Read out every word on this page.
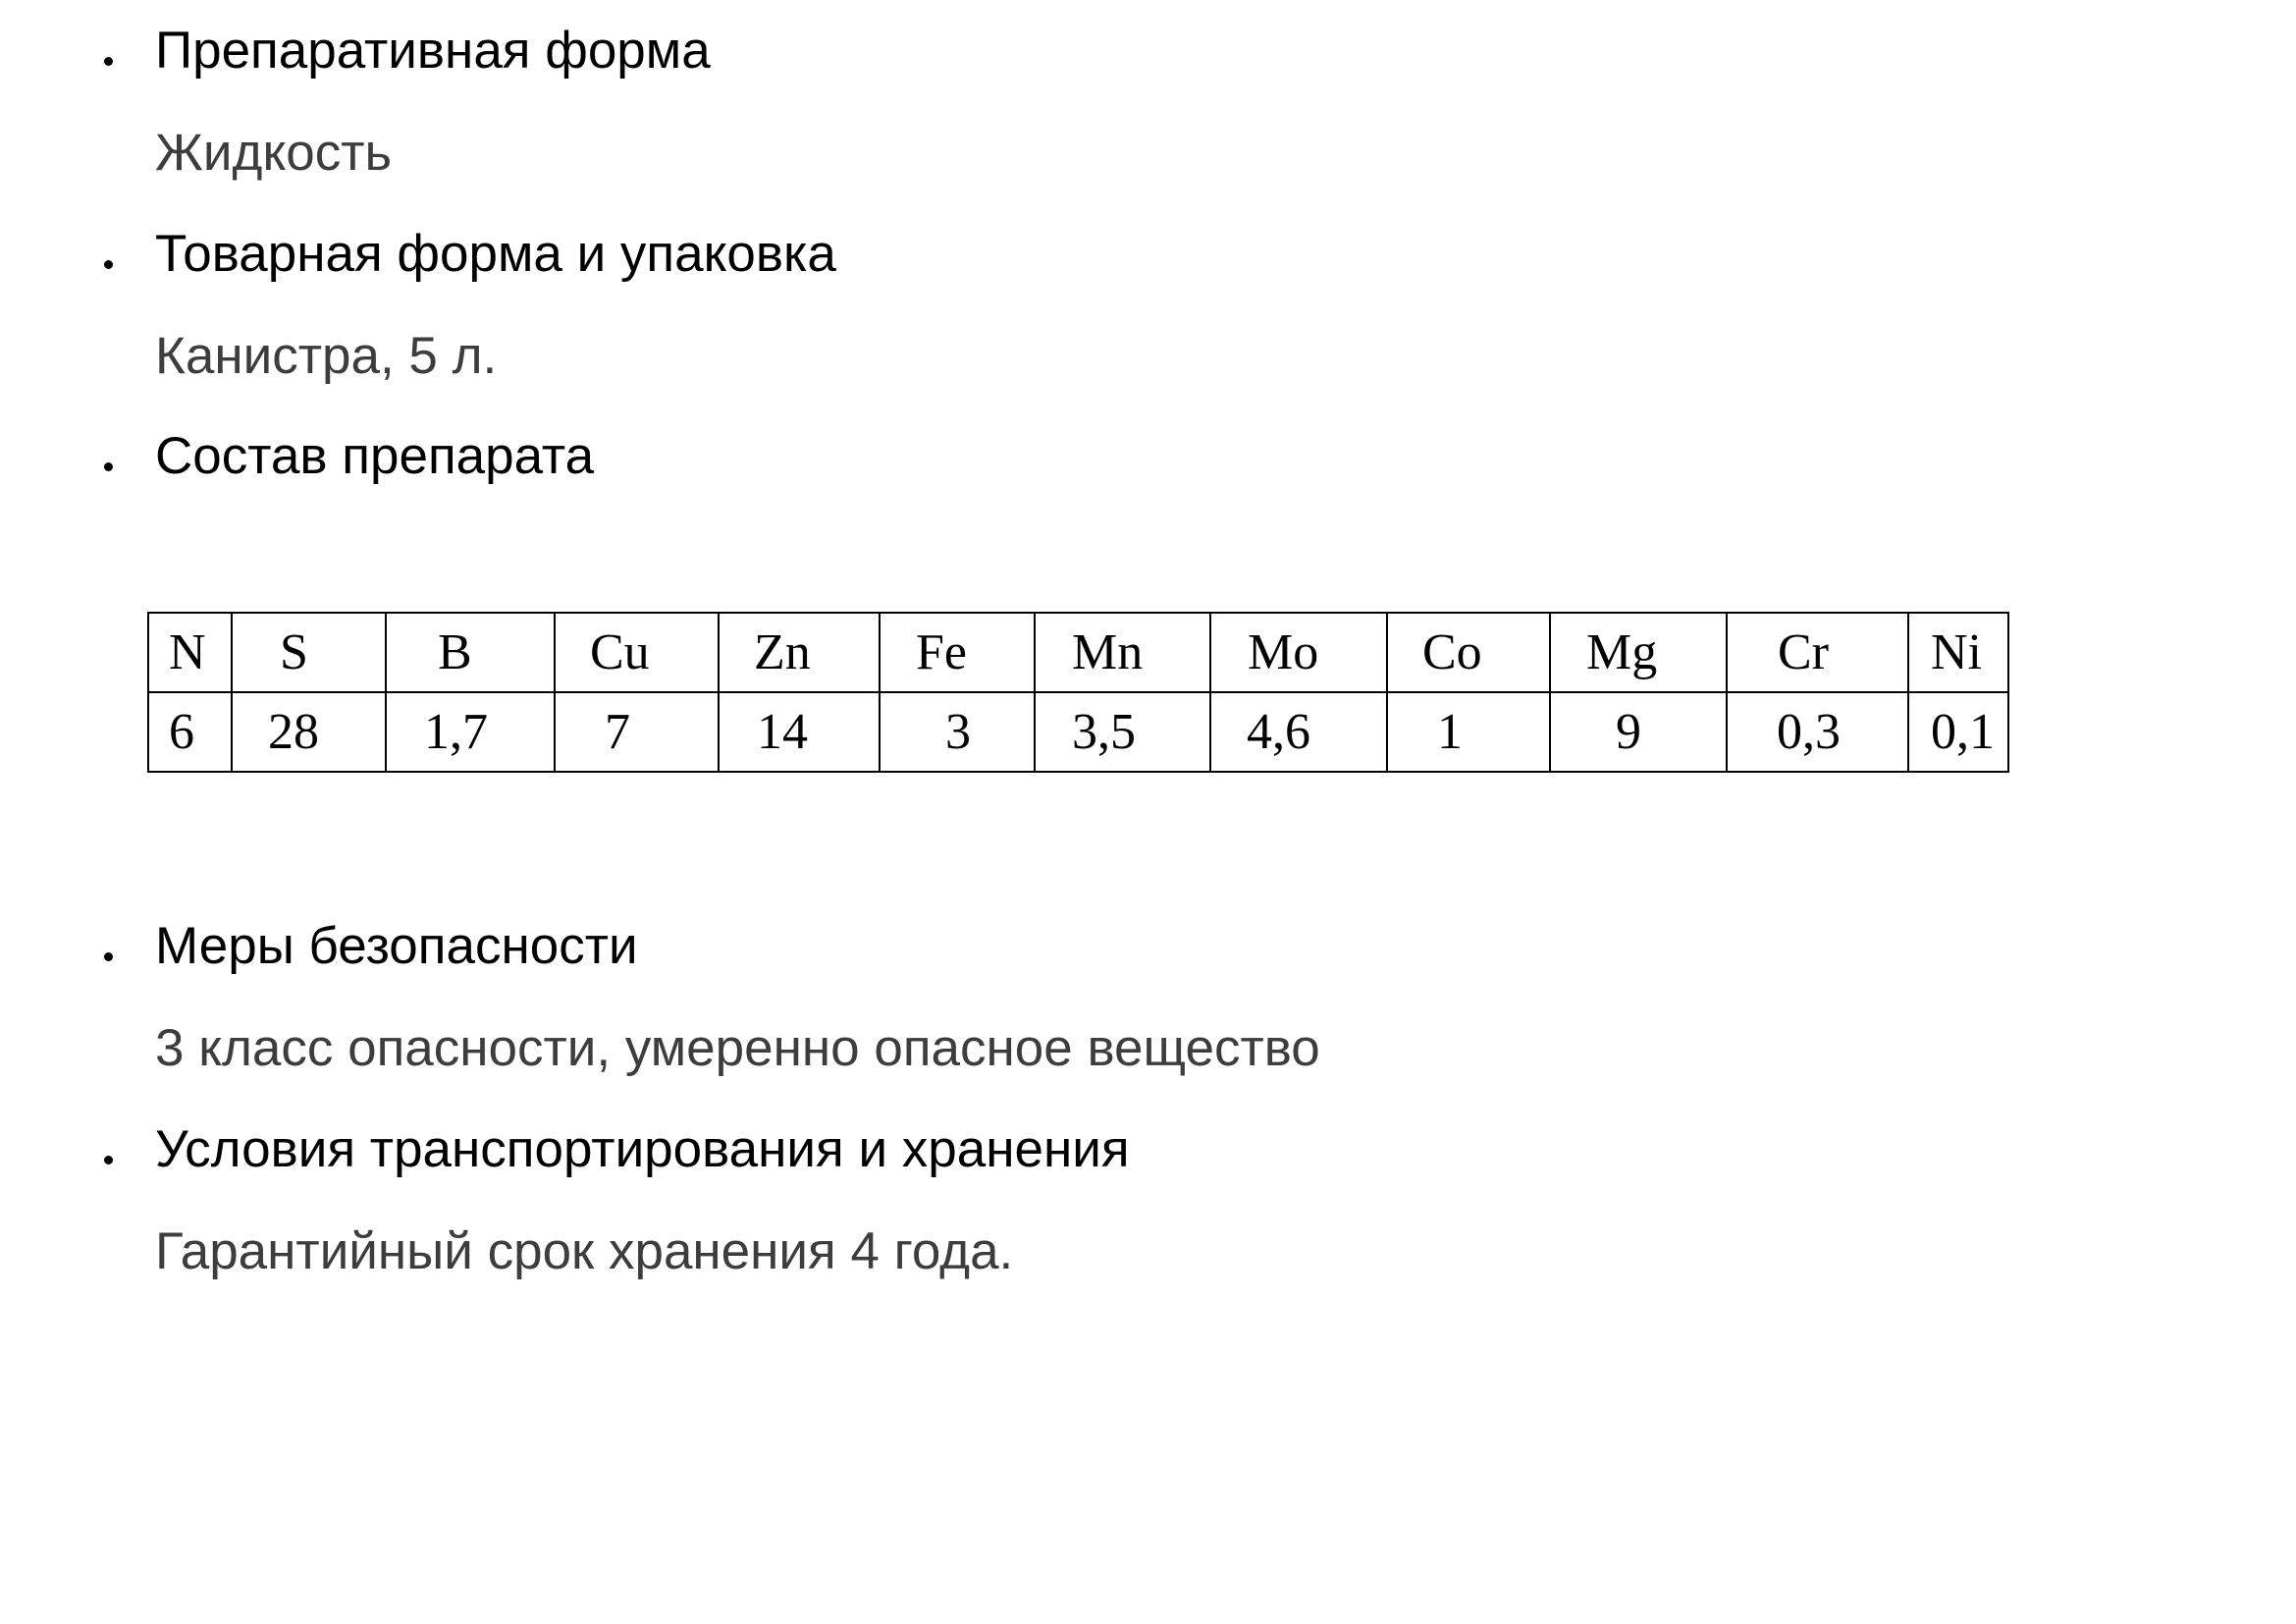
Препаративная форма
Жидкость
Товарная форма и упаковка
Канистра, 5 л.
Состав препарата
N	S	B	Cu	Zn	Fe	Mn	Mo	Co	Mg	Cr	Ni

6	28	1,7	7	14	3	3,5	4,6	1	9	0,3	0,1
Меры безопасности
3 класс опасности, умеренно опасное вещество
Условия транспортирования и хранения
Гарантийный срок хранения 4 года.
